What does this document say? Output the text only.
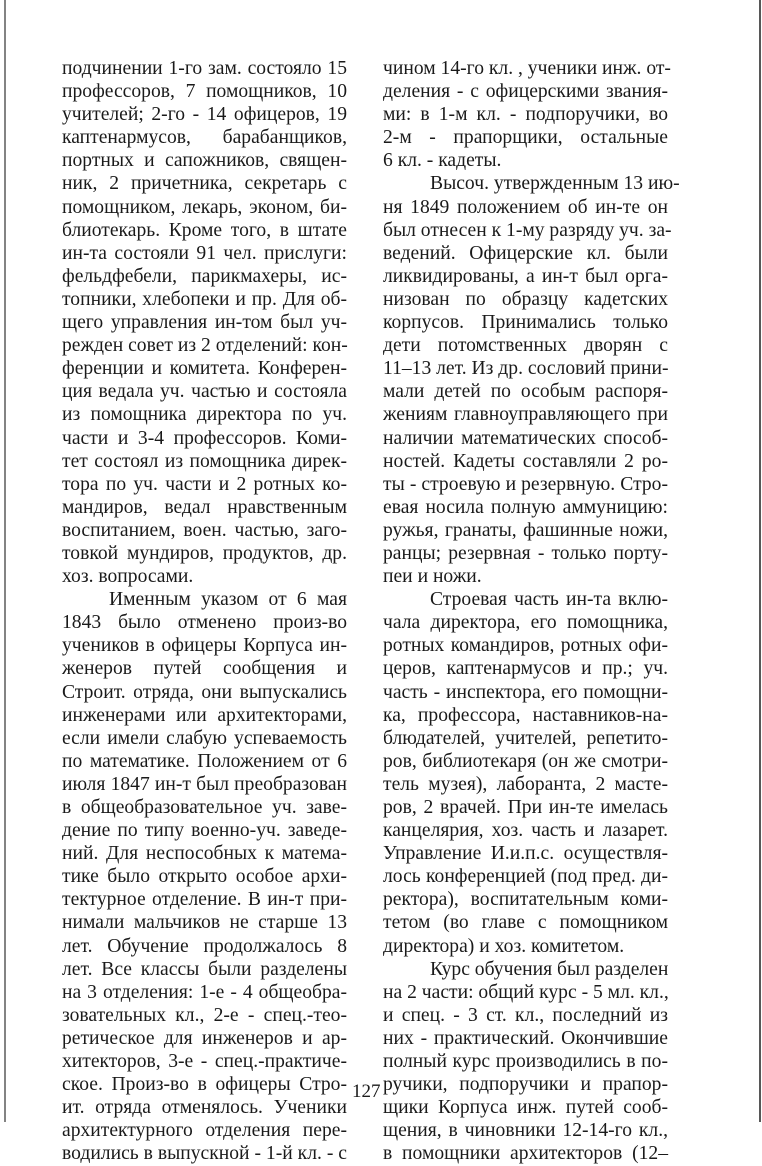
подчинении 1-го зам. состояло 15
профессоров, 7 помощников, 10
учителей; 2-го - 14 офицеров, 19
каптенармусов, барабанщиков,
портных и сапожников, священ-
ник, 2 причетника, секретарь с
помощником, лекарь, эконом, би-
блиотекарь. Кроме того, в штате
ин-та состояли 91 чел. прислуги:
фельдфебели, парикмахеры, ис-
топники, хлебопеки и пр. Для об-
щего управления ин-том был уч-
режден совет из 2 отделений: кон-
ференции и комитета. Конферен-
ция ведала уч. частью и состояла
из помощника директора по уч.
части и 3-4 профессоров. Коми-
тет состоял из помощника дирек-
тора по уч. части и 2 ротных ко-
мандиров, ведал нравственным
воспитанием, воен. частью, заго-
товкой мундиров, продуктов, др.
хоз. вопросами.
Именным указом от 6 мая
1843 было отменено произ-во
учеников в офицеры Корпуса ин-
женеров путей сообщения и
Строит. отряда, они выпускались
инженерами или архитекторами,
если имели слабую успеваемость
по математике. Положением от 6
июля 1847 ин-т был преобразован
в общеобразовательное уч. заве-
дение по типу военно-уч. заведе-
ний. Для неспособных к матема-
тике было открыто особое архи-
тектурное отделение. В ин-т при-
нимали мальчиков не старше 13
лет. Обучение продолжалось 8
лет. Все классы были разделены
на 3 отделения: 1-е - 4 общеобра-
зовательных кл., 2-е - спец.-тео-
ретическое для инженеров и ар-
хитекторов, 3-е - спец.-практиче-
ское. Произ-во в офицеры Стро-
ит. отряда отменялось. Ученики
архитектурного отделения пере-
водились в выпускной - 1-й кл. - с
чином 14-го кл. , ученики инж. от-
деления - с офицерскими звания-
ми: в 1-м кл. - подпоручики, во
2-м - прапорщики, остальные
6 кл. - кадеты.
Высоч. утвержденным 13 ию-
ня 1849 положением об ин-те он
был отнесен к 1-му разряду уч. за-
ведений. Офицерские кл. были
ликвидированы, а ин-т был орга-
низован по образцу кадетских
корпусов. Принимались только
дети потомственных дворян с
11–13 лет. Из др. сословий прини-
мали детей по особым распоря-
жениям главноуправляющего при
наличии математических способ-
ностей. Кадеты составляли 2 ро-
ты - строевую и резервную. Стро-
евая носила полную аммуницию:
ружья, гранаты, фашинные ножи,
ранцы; резервная - только порту-
пеи и ножи.
Строевая часть ин-та вклю-
чала директора, его помощника,
ротных командиров, ротных офи-
церов, каптенармусов и пр.; уч.
часть - инспектора, его помощни-
ка, профессора, наставников-на-
блюдателей, учителей, репетито-
ров, библиотекаря (он же смотри-
тель музея), лаборанта, 2 масте-
ров, 2 врачей. При ин-те имелась
канцелярия, хоз. часть и лазарет.
Управление И.и.п.с. осуществля-
лось конференцией (под пред. ди-
ректора), воспитательным коми-
тетом (во главе с помощником
директора) и хоз. комитетом.
Курс обучения был разделен
на 2 части: общий курс - 5 мл. кл.,
и спец. - 3 ст. кл., последний из
них - практический. Окончившие
полный курс производились в по-
ручики, подпоручики и прапор-
щики Корпуса инж. путей сооб-
щения, в чиновники 12-14-го кл.,
в помощники архитекторов (12–
127
